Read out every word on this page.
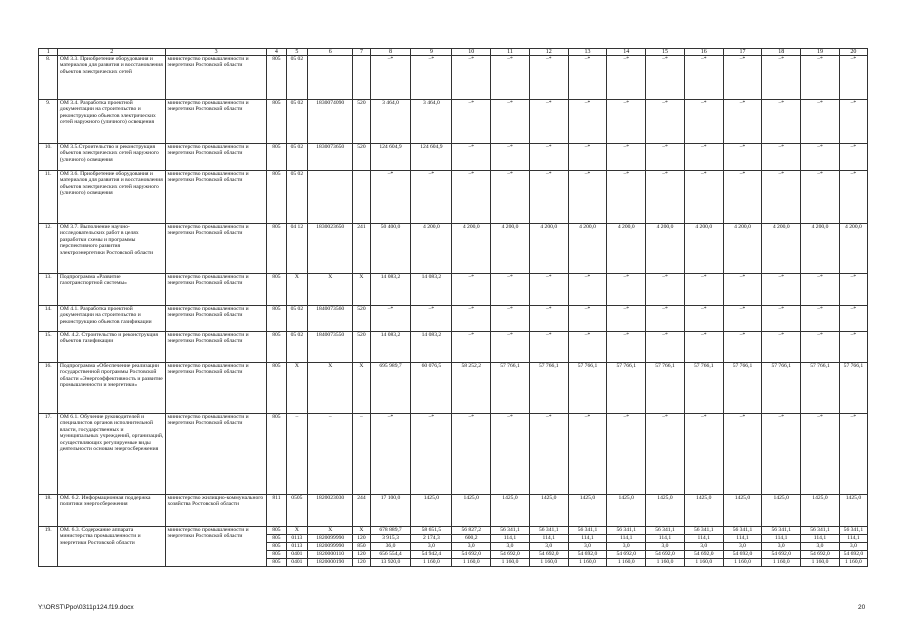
1	2	3	4	5	6	7	8	9	10	11	12	13	14	15	16	17	18	19	20
8.	ОМ 3.3. Приобретение оборудования и материалов для развития и восстановления объектов электрических сетей	министерство промышленности и энергетики Ростовской области	805	05 02			–*	–*	–*	–*	–*	–*	–*	–*	–*	–*	–*	–*	–*
9.	ОМ 3.4. Разработка проектной документации на строительство и реконструкцию объектов электрических сетей наружного (уличного) освещения	министерство промышленности и энергетики Ростовской области	805	05 02	1830074090	520	3 464,0	3 464,0	–*	–*	–*	–*	–*	–*	–*	–*	–*	–*	–*
10.	ОМ 3.5.Строительство и реконструкция объектов электрических сетей наружного (уличного) освещения	министерство промышленности и энергетики Ростовской области	805	05 02	1830073650	520	124 604,9	124 604,9	–*	–*	–*	–*	–*	–*	–*	–*	–*	–*	–*
11.	ОМ 3.6. Приобретение оборудования и материалов для развития и восстановления объектов электрических сетей наружного (уличного) освещения	министерство промышленности и энергетики Ростовской области	805	05 02			–*	–*	–*	–*	–*	–*	–*	–*	–*	–*	–*	–*	–*
12.	ОМ 3.7. Выполнение научно-исследовательских работ в целях разработки схемы и программы перспективного развития электроэнергетики Ростовской области	министерство промышленности и энергетики Ростовской области	805	04 12	1830023650	241	50 400,0	4 200,0	4 200,0	4 200,0	4 200,0	4 200,0	4 200,0	4 200,0	4 200,0	4 200,0	4 200,0	4 200,0	4 200,0
13.	Подпрограмма «Развитие газотранспортной системы»	министерство промышленности и энергетики Ростовской области	805	X	X	X	14 083,2	14 083,2	–*	–*	–*	–*	–*	–*	–*	–*	–*	–*	–*
14.	ОМ 4.1. Разработка проектной документации на строительство и реконструкцию объектов газификации	министерство промышленности и энергетики Ростовской области	805	05 02	1840073560	520	–*	–*	–*	–*	–*	–*	–*	–*	–*	–*	–*	–*	–*
15.	ОМ. 4.2. Строительство и реконструкция объектов газификации	министерство промышленности и энергетики Ростовской области	805	05 02	1840073550	520	14 083,2	14 083,2	–*	–*	–*	–*	–*	–*	–*	–*	–*	–*	–*
16.	Подпрограмма «Обеспечение реализации государственной программы Ростовской области «Энергоэффективность и развитие промышленности и энергетики»	министерство промышленности и энергетики Ростовской области	805	X	X	X	695 989,7	60 076,5	58 252,2	57 766,1	57 766,1	57 766,1	57 766,1	57 766,1	57 766,1	57 766,1	57 766,1	57 766,1	57 766,1
17.	ОМ 6.1. Обучение руководителей и специалистов органов исполнительной власти, государственных и муниципальных учреждений, организаций, осуществляющих регулируемые виды деятельности основам энергосбережения	министерство промышленности и энергетики Ростовской области	805	–	–	–	–*	–*	–*	–*	–*	–*	–*	–*	–*	–*	–*	–*	–*
18.	ОМ. 6.2. Информационная поддержка политики энергосбережения	министерство жилищно-коммунального хозяйства Ростовской области	811	0505	1820023030	244	17 100,0	1425,0	1425,0	1425,0	1425,0	1425,0	1425,0	1425,0	1425,0	1425,0	1425,0	1425,0	1425,0
19.	ОМ. 6.3. Содержание аппарата министерства промышленности и энергетики Ростовской области	министерство промышленности и энергетики Ростовской области	805	X	X	X	678 889,7	58 651,5	56 827,2	56 341,1	56 341,1	56 341,1	56 341,1	56 341,1	56 341,1	56 341,1	56 341,1	56 341,1	56 341,1
			805	0113	1820099990	120	3 915,3	2 174,3	600,2	114,1	114,1	114,1	114,1	114,1	114,1	114,1	114,1	114,1	114,1
			805	0113	1820099990	850	36,0	3,0	3,0	3,0	3,0	3,0	3,0	3,0	3,0	3,0	3,0	3,0	3,0
			805	0401	1820000110	120	656 554,4	54 942,4	54 692,0	54 692,0	54 692,0	54 692,0	54 692,0	54 692,0	54 692,0	54 692,0	54 692,0	54 692,0	54 692,0
			805	0401	1820000190	120	13 920,0	1 160,0	1 160,0	1 160,0	1 160,0	1 160,0	1 160,0	1 160,0	1 160,0	1 160,0	1 160,0	1 160,0	1 160,0
Y:\ORST\Ppo\0311p124.f19.docx	20
